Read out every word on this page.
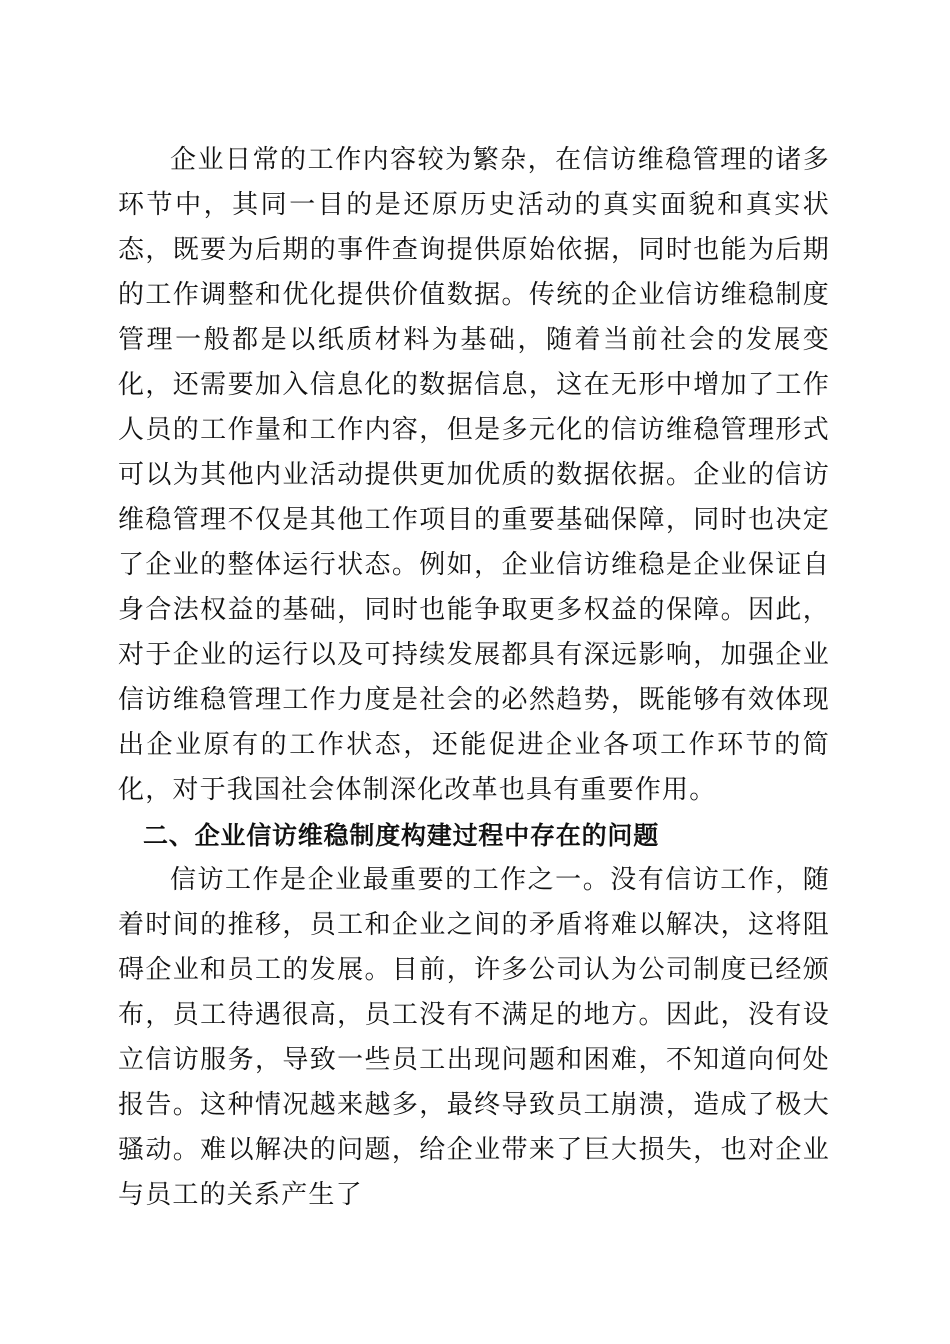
企业日常的工作内容较为繁杂，在信访维稳管理的诸多环节中，其同一目的是还原历史活动的真实面貌和真实状态，既要为后期的事件查询提供原始依据，同时也能为后期的工作调整和优化提供价值数据。传统的企业信访维稳制度管理一般都是以纸质材料为基础，随着当前社会的发展变化，还需要加入信息化的数据信息，这在无形中增加了工作人员的工作量和工作内容，但是多元化的信访维稳管理形式可以为其他内业活动提供更加优质的数据依据。企业的信访维稳管理不仅是其他工作项目的重要基础保障，同时也决定了企业的整体运行状态。例如，企业信访维稳是企业保证自身合法权益的基础，同时也能争取更多权益的保障。因此，对于企业的运行以及可持续发展都具有深远影响，加强企业信访维稳管理工作力度是社会的必然趋势，既能够有效体现出企业原有的工作状态，还能促进企业各项工作环节的简化，对于我国社会体制深化改革也具有重要作用。

二、企业信访维稳制度构建过程中存在的问题

信访工作是企业最重要的工作之一。没有信访工作，随着时间的推移，员工和企业之间的矛盾将难以解决，这将阻碍企业和员工的发展。目前，许多公司认为公司制度已经颁布，员工待遇很高，员工没有不满足的地方。因此，没有设立信访服务，导致一些员工出现问题和困难，不知道向何处报告。这种情况越来越多，最终导致员工崩溃，造成了极大骚动。难以解决的问题，给企业带来了巨大损失，也对企业与员工的关系产生了
